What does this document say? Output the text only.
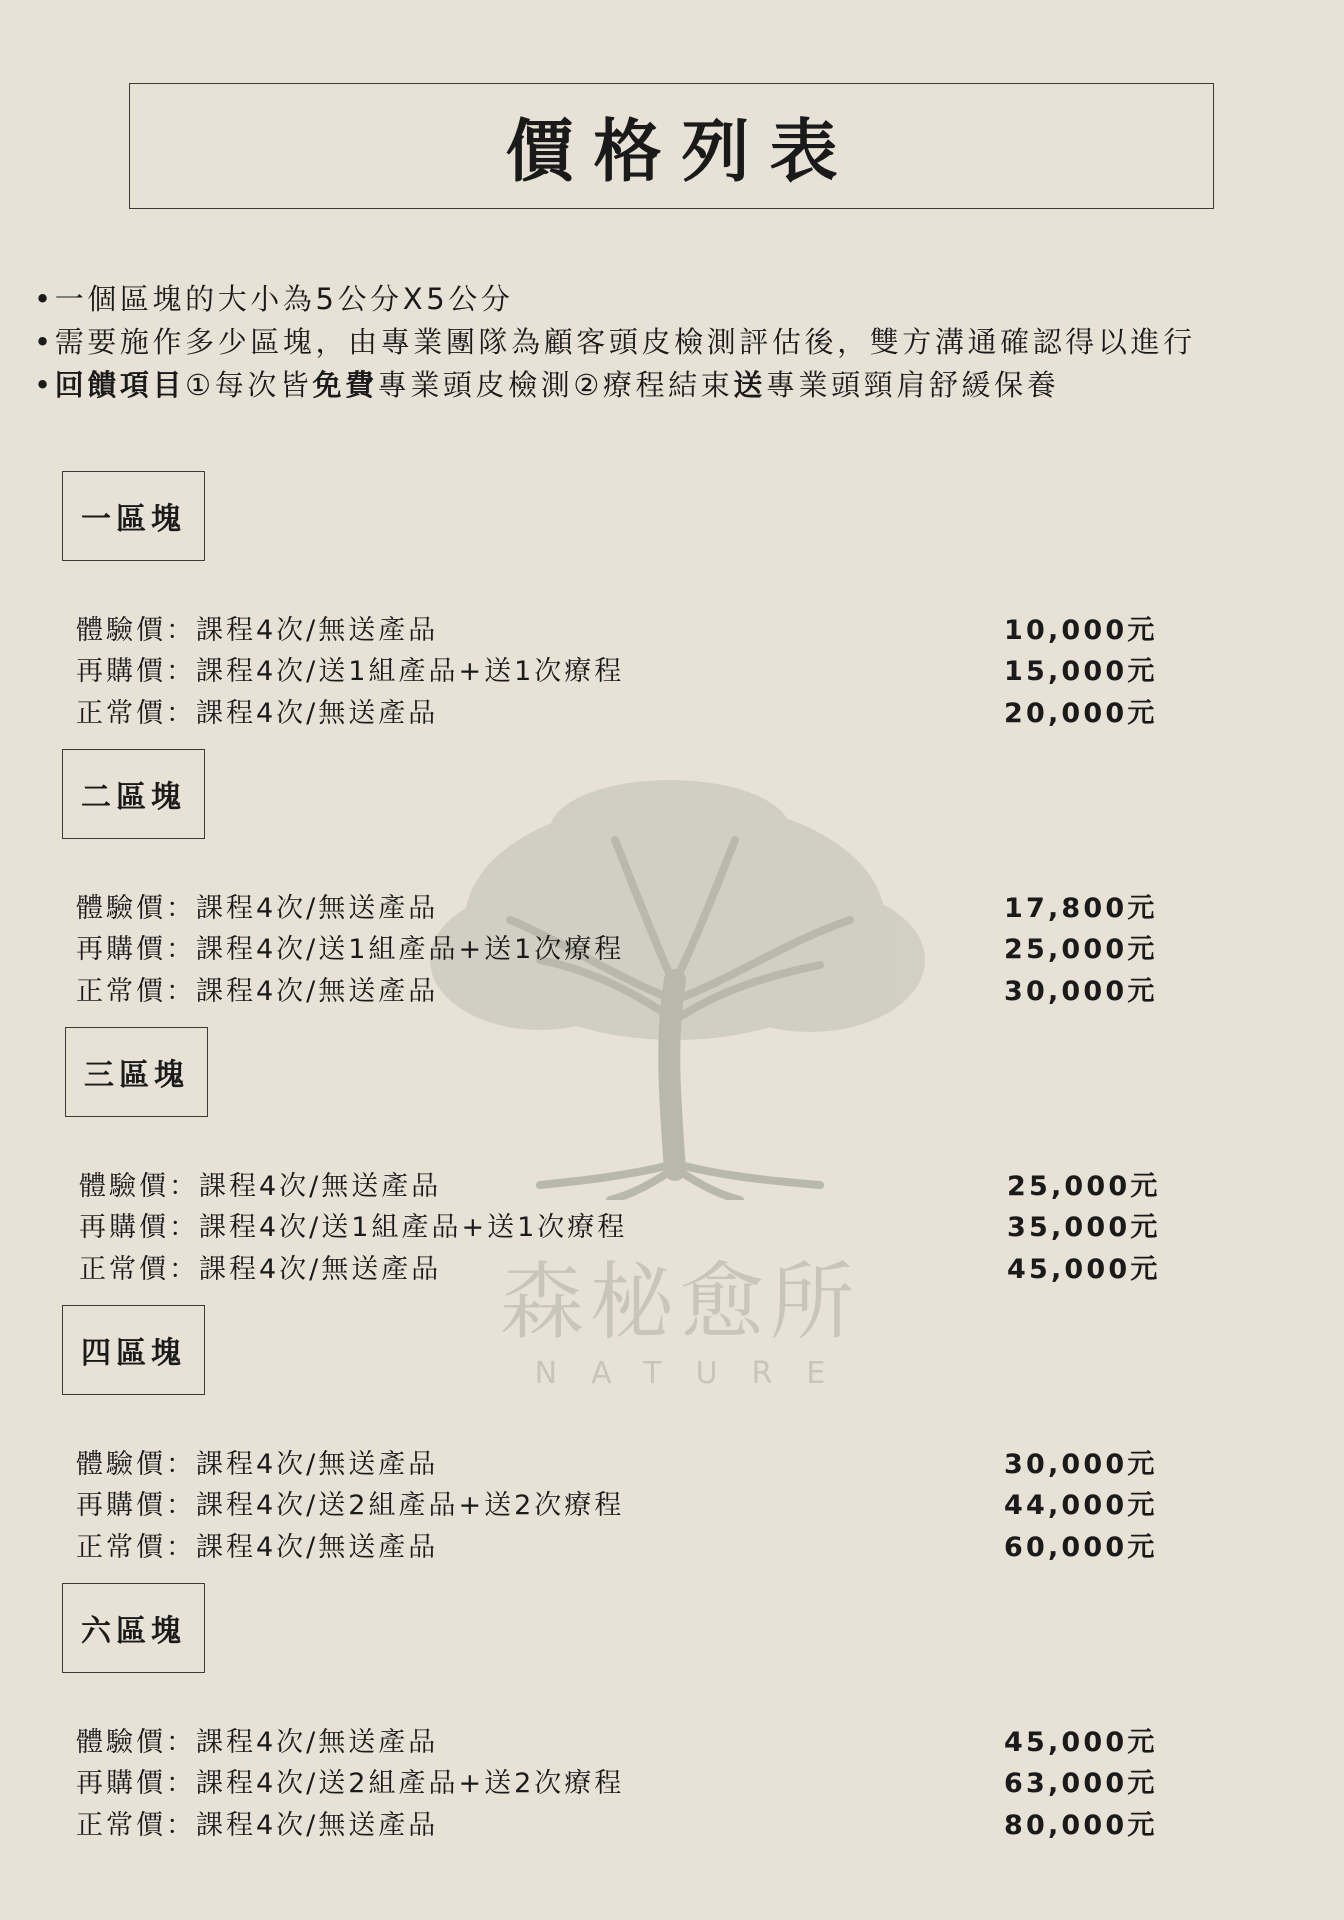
價格列表
•一個區塊的大小為5公分X5公分
•需要施作多少區塊，由專業團隊為顧客頭皮檢測評估後，雙方溝通確認得以進行
•回饋項目①每次皆免費專業頭皮檢測②療程結束送專業頭頸肩舒緩保養
森柲愈所
NATURE
一區塊
體驗價：課程4次/無送產品	10,000元
再購價：課程4次/送1組產品+送1次療程	15,000元
正常價：課程4次/無送產品	20,000元
二區塊
體驗價：課程4次/無送產品	17,800元
再購價：課程4次/送1組產品+送1次療程	25,000元
正常價：課程4次/無送產品	30,000元
三區塊
體驗價：課程4次/無送產品	25,000元
再購價：課程4次/送1組產品+送1次療程	35,000元
正常價：課程4次/無送產品	45,000元
四區塊
體驗價：課程4次/無送產品	30,000元
再購價：課程4次/送2組產品+送2次療程	44,000元
正常價：課程4次/無送產品	60,000元
六區塊
體驗價：課程4次/無送產品	45,000元
再購價：課程4次/送2組產品+送2次療程	63,000元
正常價：課程4次/無送產品	80,000元
